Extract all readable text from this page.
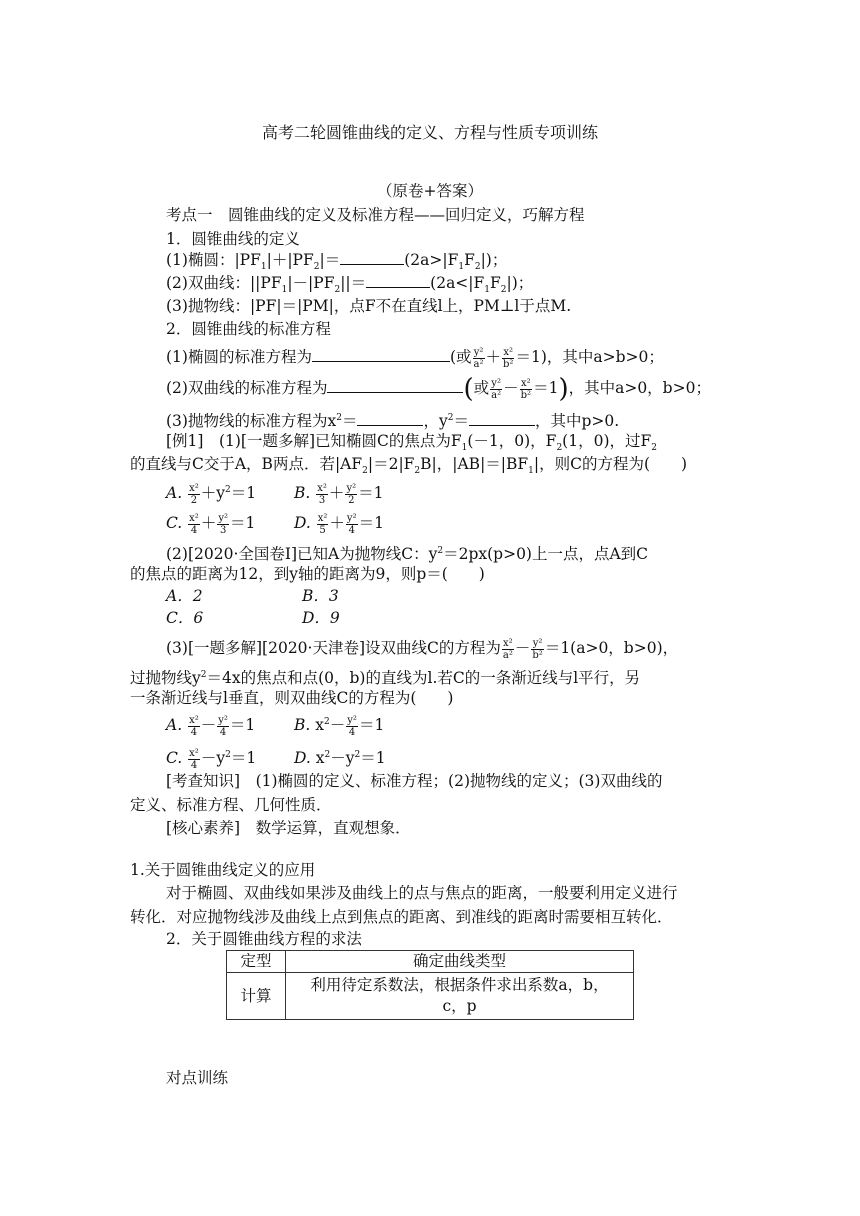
高考二轮圆锥曲线的定义、方程与性质专项训练
（原卷+答案）
考点一　圆锥曲线的定义及标准方程——回归定义，巧解方程
1．圆锥曲线的定义
(1)椭圆：$|PF_1|+|PF_2|=$	$(2a>|F_1F_2|)$；
(2)双曲线：$||PF_1|-|PF_2||=$	$(2a<|F_1F_2|)$；
(3)抛物线：|PF|＝|PM|，点F不在直线l上，PM⊥l于点M.
2．圆锥曲线的标准方程
(1)椭圆的标准方程为	(或 $\frac{\text{y²}}{\text{a²}} + \frac{\text{x²}}{\text{b²}} =1$)，其中a>b>0；
(2)双曲线的标准方程为	(或 $\frac{\text{y²}}{\text{a²}} - \frac{\text{x²}}{\text{b²}} =1$)，其中a>0，b>0；
(3)抛物线的标准方程为$x^2=$	，$y^2=$	，其中p>0.
[例1]　(1)[一题多解]已知椭圆C的焦点为$F_1(-1$，0)，$F_2(1$，0)，过$F_2$
的直线与C交于A，B两点．若$|AF_2|=2|F_2B|$，$|AB|=|BF_1|$，则C的方程为(　　)
A. $\frac{\text{x²}}{2} +y^2=1$ B. $\frac{\text{x²}}{3} + \frac{\text{y²}}{2} =1$
C. $\frac{\text{x²}}{4} + \frac{\text{y²}}{3} =1$ D. $\frac{\text{x²}}{5} + \frac{\text{y²}}{4} =1$
(2)[2020·全国卷Ⅰ]已知A为抛物线C：$y^2=2px(p>0)$上一点，点A到C
的焦点的距离为12，到y轴的距离为9，则p＝(　　)
A．2	B．3
C．6	D．9
(3)[一题多解][2020·天津卷]设双曲线C的方程为 $\frac{\text{x²}}{\text{a²}} - \frac{\text{y²}}{\text{b²}} =1(a>0$，b>0)，
过抛物线$y^2=4x$的焦点和点(0，b)的直线为l.若C的一条渐近线与l平行，另
一条渐近线与l垂直，则双曲线C的方程为(　　)
A. $\frac{\text{x²}}{4} - \frac{\text{y²}}{4} =1$ B. $x^2- \frac{\text{y²}}{4} =1$
C. $\frac{\text{x²}}{4} -y^2=1$ D. $x^2-y^2=1$
[考查知识]　(1)椭圆的定义、标准方程；(2)抛物线的定义；(3)双曲线的
定义、标准方程、几何性质．
[核心素养]　数学运算，直观想象．
1.关于圆锥曲线定义的应用
对于椭圆、双曲线如果涉及曲线上的点与焦点的距离，一般要利用定义进行
转化．对应抛物线涉及曲线上点到焦点的距离、到准线的距离时需要相互转化．
2．关于圆锥曲线方程的求法
定型	确定曲线类型
计算	利用待定系数法，根据条件求出系数a，b，
c，p
对点训练
